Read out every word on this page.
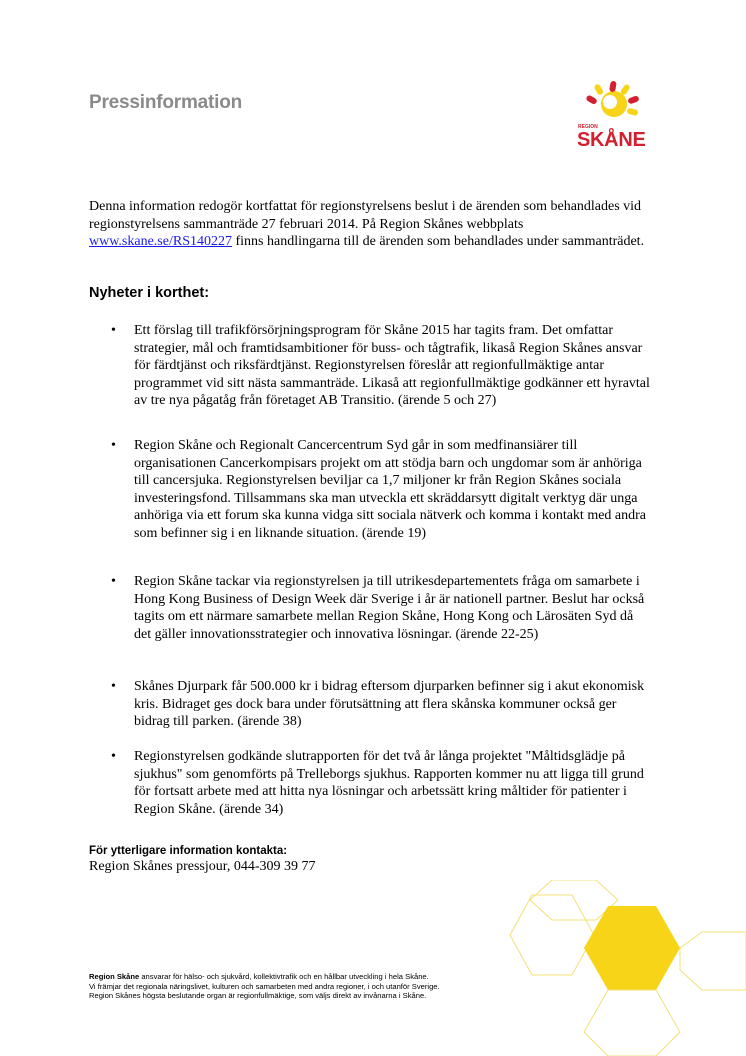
Pressinformation
REGION
SKÅNE
Denna information redogör kortfattat för regionstyrelsens beslut i de ärenden som behandlades vid regionstyrelsens sammanträde 27 februari 2014. På Region Skånes webbplats www.skane.se/RS140227 finns handlingarna till de ärenden som behandlades under sammanträdet.
Nyheter i korthet:
•	Ett förslag till trafikförsörjningsprogram för Skåne 2015 har tagits fram. Det omfattar strategier, mål och framtidsambitioner för buss- och tågtrafik, likaså Region Skånes ansvar för färdtjänst och riksfärdtjänst. Regionstyrelsen föreslår att regionfullmäktige antar programmet vid sitt nästa sammanträde. Likaså att regionfullmäktige godkänner ett hyravtal av tre nya pågatåg från företaget AB Transitio. (ärende 5 och 27)
•	Region Skåne och Regionalt Cancercentrum Syd går in som medfinansiärer till organisationen Cancerkompisars projekt om att stödja barn och ungdomar som är anhöriga till cancersjuka. Regionstyrelsen beviljar ca 1,7 miljoner kr från Region Skånes sociala investeringsfond. Tillsammans ska man utveckla ett skräddarsytt digitalt verktyg där unga anhöriga via ett forum ska kunna vidga sitt sociala nätverk och komma i kontakt med andra som befinner sig i en liknande situation. (ärende 19)
•	Region Skåne tackar via regionstyrelsen ja till utrikesdepartementets fråga om samarbete i Hong Kong Business of Design Week där Sverige i år är nationell partner. Beslut har också tagits om ett närmare samarbete mellan Region Skåne, Hong Kong och Lärosäten Syd då det gäller innovationsstrategier och innovativa lösningar. (ärende 22-25)
•	Skånes Djurpark får 500.000 kr i bidrag eftersom djurparken befinner sig i akut ekonomisk kris. Bidraget ges dock bara under förutsättning att flera skånska kommuner också ger bidrag till parken. (ärende 38)
•	Regionstyrelsen godkände slutrapporten för det två år långa projektet "Måltidsglädje på sjukhus" som genomförts på Trelleborgs sjukhus. Rapporten kommer nu att ligga till grund för fortsatt arbete med att hitta nya lösningar och arbetssätt kring måltider för patienter i Region Skåne. (ärende 34)
För ytterligare information kontakta:
Region Skånes pressjour, 044-309 39 77
Region Skåne ansvarar för hälso- och sjukvård, kollektivtrafik och en hållbar utveckling i hela Skåne.
Vi främjar det regionala näringslivet, kulturen och samarbeten med andra regioner, i och utanför Sverige.
Region Skånes högsta beslutande organ är regionfullmäktige, som väljs direkt av invånarna i Skåne.
